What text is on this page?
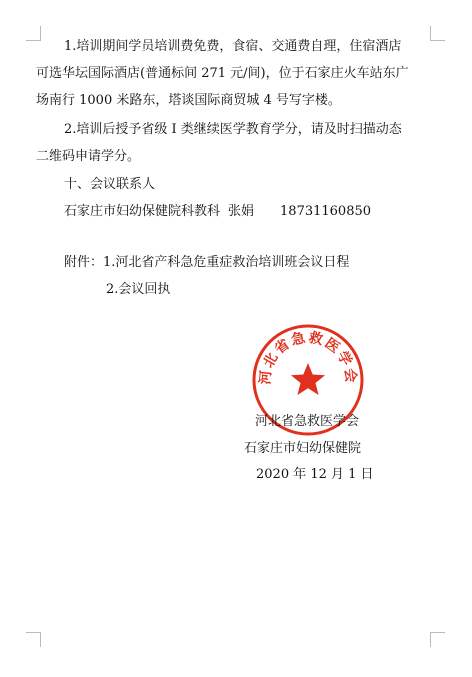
1.培训期间学员培训费免费，食宿、交通费自理，住宿酒店
可选华坛国际酒店(普通标间 271 元/间)，位于石家庄火车站东广
场南行 1000 米路东，塔谈国际商贸城 4 号写字楼。
2.培训后授予省级 I 类继续医学教育学分，请及时扫描动态
二维码申请学分。
十、会议联系人
石家庄市妇幼保健院科教科 张娟 18731160850
附件：1.河北省产科急危重症救治培训班会议日程
2.会议回执
河北省急救医学会
河北省急救医学会
石家庄市妇幼保健院
2020 年 12 月 1 日
